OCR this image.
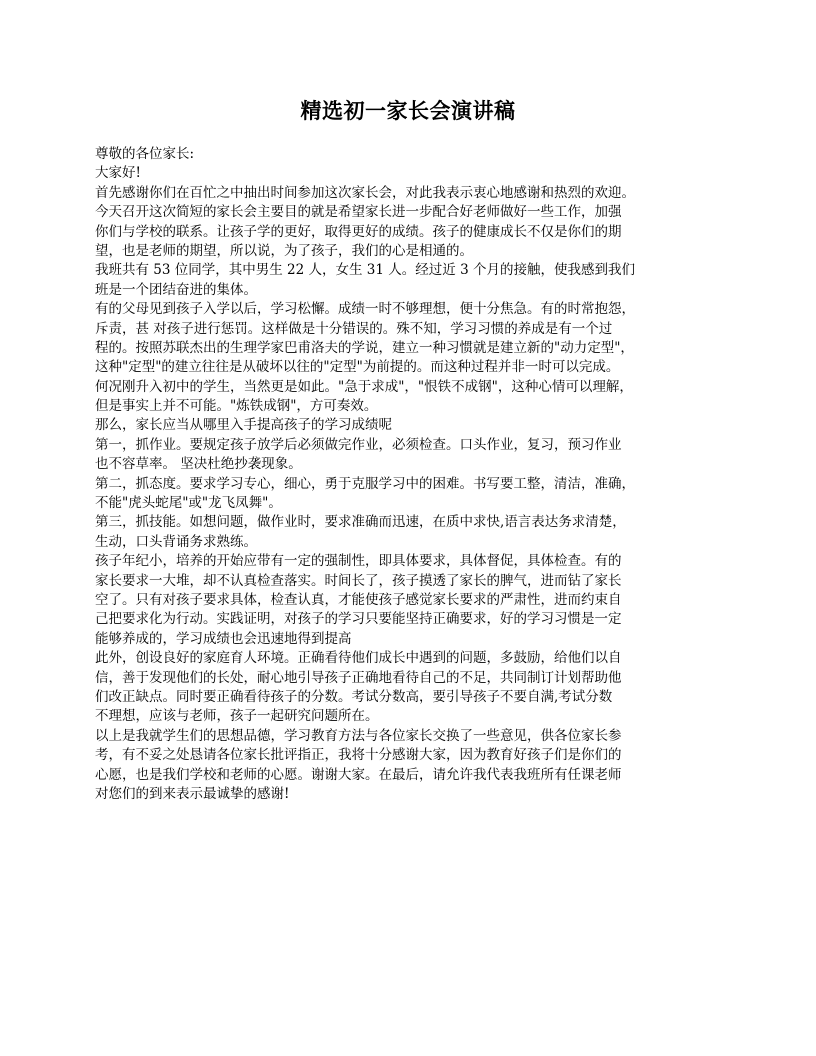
精选初一家长会演讲稿
尊敬的各位家长:
大家好!
首先感谢你们在百忙之中抽出时间参加这次家长会，对此我表示衷心地感谢和热烈的欢迎。
今天召开这次简短的家长会主要目的就是希望家长进一步配合好老师做好一些工作，加强
你们与学校的联系。让孩子学的更好，取得更好的成绩。孩子的健康成长不仅是你们的期
望，也是老师的期望，所以说，为了孩子，我们的心是相通的。
我班共有 53 位同学，其中男生 22 人，女生 31 人。经过近 3 个月的接触，使我感到我们
班是一个团结奋进的集体。
有的父母见到孩子入学以后，学习松懈。成绩一时不够理想，便十分焦急。有的时常抱怨，
斥责，甚 对孩子进行惩罚。这样做是十分错误的。殊不知，学习习惯的养成是有一个过
程的。按照苏联杰出的生理学家巴甫洛夫的学说，建立一种习惯就是建立新的"动力定型"，
这种"定型"的建立往往是从破坏以往的"定型"为前提的。而这种过程并非一时可以完成。
何况刚升入初中的学生，当然更是如此。"急于求成"，"恨铁不成钢"，这种心情可以理解，
但是事实上并不可能。"炼铁成钢"，方可奏效。
那么，家长应当从哪里入手提高孩子的学习成绩呢
第一，抓作业。要规定孩子放学后必须做完作业，必须检查。口头作业，复习，预习作业
也不容草率。 坚决杜绝抄袭现象。
第二，抓态度。要求学习专心，细心，勇于克服学习中的困难。书写要工整，清洁，准确，
不能"虎头蛇尾"或"龙飞凤舞"。
第三，抓技能。如想问题，做作业时，要求准确而迅速，在质中求快,语言表达务求清楚，
生动，口头背诵务求熟练。
孩子年纪小，培养的开始应带有一定的强制性，即具体要求，具体督促，具体检查。有的
家长要求一大堆，却不认真检查落实。时间长了，孩子摸透了家长的脾气，进而钻了家长
空了。只有对孩子要求具体，检查认真，才能使孩子感觉家长要求的严肃性，进而约束自
己把要求化为行动。实践证明，对孩子的学习只要能坚持正确要求，好的学习习惯是一定
能够养成的，学习成绩也会迅速地得到提高
此外，创设良好的家庭育人环境。正确看待他们成长中遇到的问题，多鼓励，给他们以自
信，善于发现他们的长处，耐心地引导孩子正确地看待自己的不足，共同制订计划帮助他
们改正缺点。同时要正确看待孩子的分数。考试分数高，要引导孩子不要自满,考试分数
不理想，应该与老师，孩子一起研究问题所在。
以上是我就学生们的思想品德，学习教育方法与各位家长交换了一些意见，供各位家长参
考，有不妥之处恳请各位家长批评指正，我将十分感谢大家，因为教育好孩子们是你们的
心愿，也是我们学校和老师的心愿。谢谢大家。在最后，请允许我代表我班所有任课老师
对您们的到来表示最诚挚的感谢!
